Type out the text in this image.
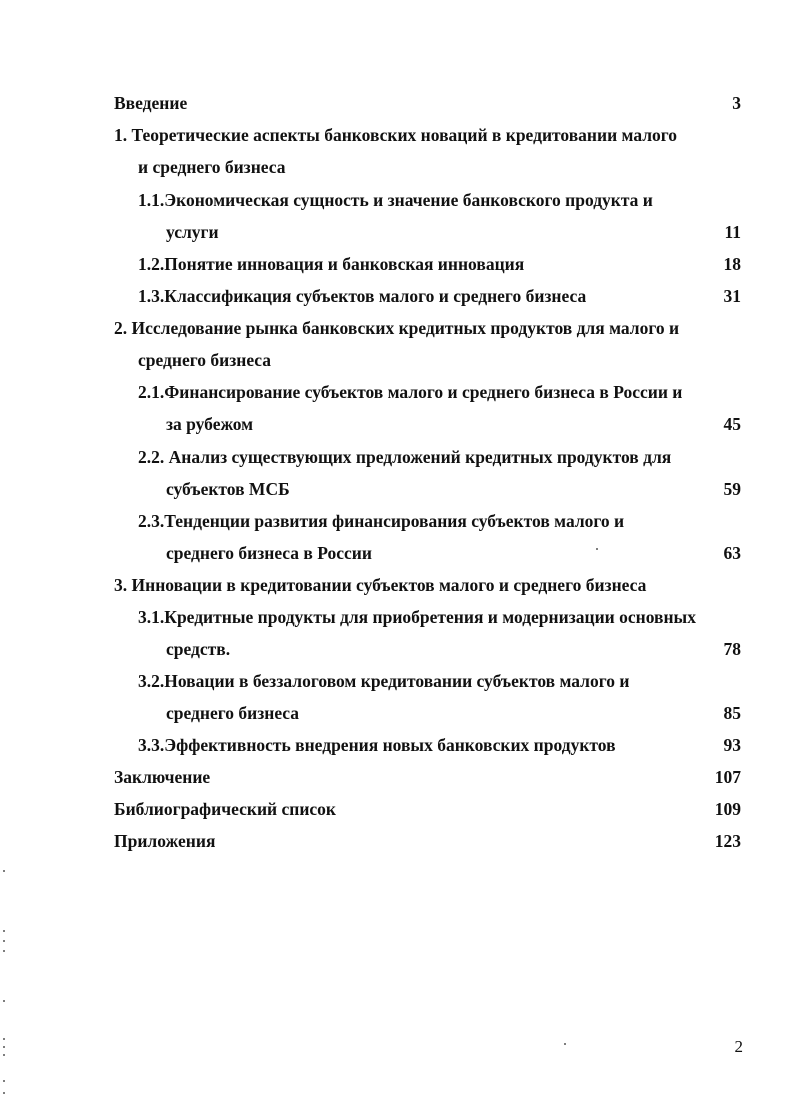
Введение	3
1. Теоретические аспекты банковских новаций в кредитовании малого
и среднего бизнеса
1.1.Экономическая сущность и значение банковского продукта и
услуги	11
1.2.Понятие инновация и банковская инновация	18
1.3.Классификация субъектов малого и среднего бизнеса	31
2. Исследование рынка банковских кредитных продуктов для малого и
среднего бизнеса
2.1.Финансирование субъектов малого и среднего бизнеса в России и
за рубежом	45
2.2. Анализ существующих предложений кредитных продуктов для
субъектов МСБ	59
2.3.Тенденции развития финансирования субъектов малого и
среднего бизнеса в России	63
3. Инновации в кредитовании субъектов малого и среднего бизнеса
3.1.Кредитные продукты для приобретения и модернизации основных
средств.	78
3.2.Новации в беззалоговом кредитовании субъектов малого и
среднего бизнеса	85
3.3.Эффективность внедрения новых банковских продуктов	93
Заключение	107
Библиографический список	109
Приложения	123
2
